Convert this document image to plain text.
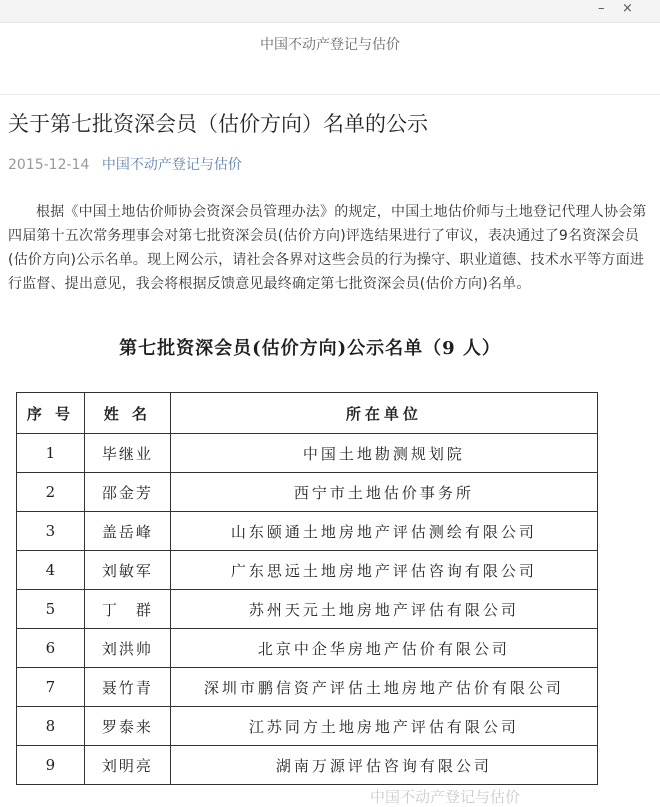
– ×
中国不动产登记与估价
关于第七批资深会员（估价方向）名单的公示
2015-12-14 中国不动产登记与估价
根据《中国土地估价师协会资深会员管理办法》的规定，中国土地估价师与土地登记代理人协会第四届第十五次常务理事会对第七批资深会员(估价方向)评选结果进行了审议，表决通过了9名资深会员(估价方向)公示名单。现上网公示，请社会各界对这些会员的行为操守、职业道德、技术水平等方面进行监督、提出意见，我会将根据反馈意见最终确定第七批资深会员(估价方向)名单。
第七批资深会员(估价方向)公示名单（9 人）
序 号	姓 名	所在单位
1	毕继业	中国土地勘测规划院
2	邵金芳	西宁市土地估价事务所
3	盖岳峰	山东颐通土地房地产评估测绘有限公司
4	刘敏军	广东思远土地房地产评估咨询有限公司
5	丁　群	苏州天元土地房地产评估有限公司
6	刘洪帅	北京中企华房地产估价有限公司
7	聂竹青	深圳市鹏信资产评估土地房地产估价有限公司
8	罗泰来	江苏同方土地房地产评估有限公司
9	刘明亮	湖南万源评估咨询有限公司
中国不动产登记与估价
